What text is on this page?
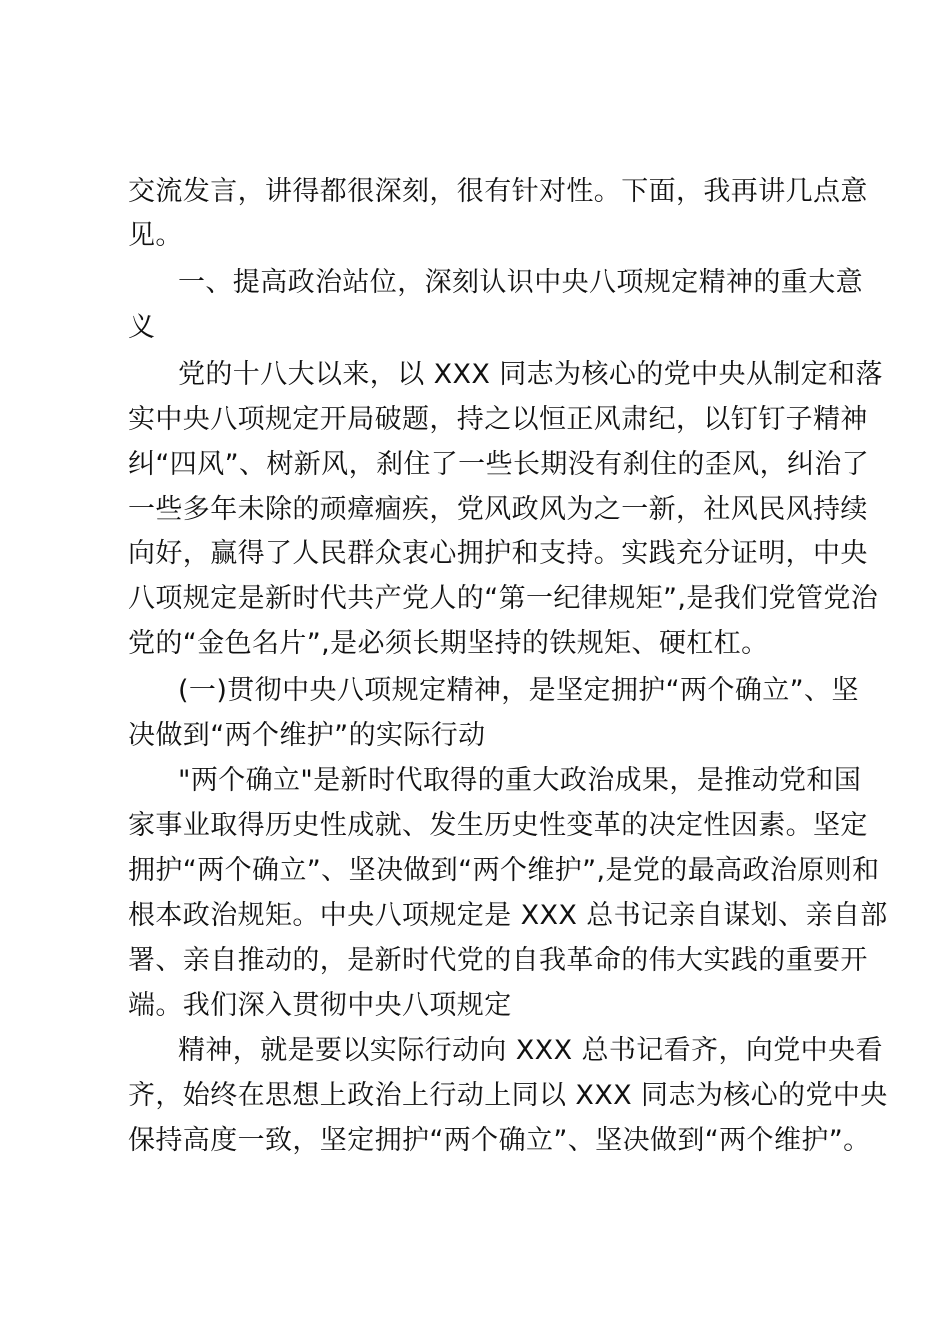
交流发言，讲得都很深刻，很有针对性。下面，我再讲几点意
见。
一、提高政治站位，深刻认识中央八项规定精神的重大意
义
党的十八大以来，以 XXX 同志为核心的党中央从制定和落
实中央八项规定开局破题，持之以恒正风肃纪，以钉钉子精神
纠“四风”、树新风，刹住了一些长期没有刹住的歪风，纠治了
一些多年未除的顽瘴痼疾，党风政风为之一新，社风民风持续
向好，赢得了人民群众衷心拥护和支持。实践充分证明，中央
八项规定是新时代共产党人的“第一纪律规矩”,是我们党管党治
党的“金色名片”,是必须长期坚持的铁规矩、硬杠杠。
(一)贯彻中央八项规定精神，是坚定拥护“两个确立”、坚
决做到“两个维护”的实际行动
"两个确立"是新时代取得的重大政治成果，是推动党和国
家事业取得历史性成就、发生历史性变革的决定性因素。坚定
拥护“两个确立”、坚决做到“两个维护”,是党的最高政治原则和
根本政治规矩。中央八项规定是 XXX 总书记亲自谋划、亲自部
署、亲自推动的，是新时代党的自我革命的伟大实践的重要开
端。我们深入贯彻中央八项规定
精神，就是要以实际行动向 XXX 总书记看齐，向党中央看
齐，始终在思想上政治上行动上同以 XXX 同志为核心的党中央
保持高度一致，坚定拥护“两个确立”、坚决做到“两个维护”。
